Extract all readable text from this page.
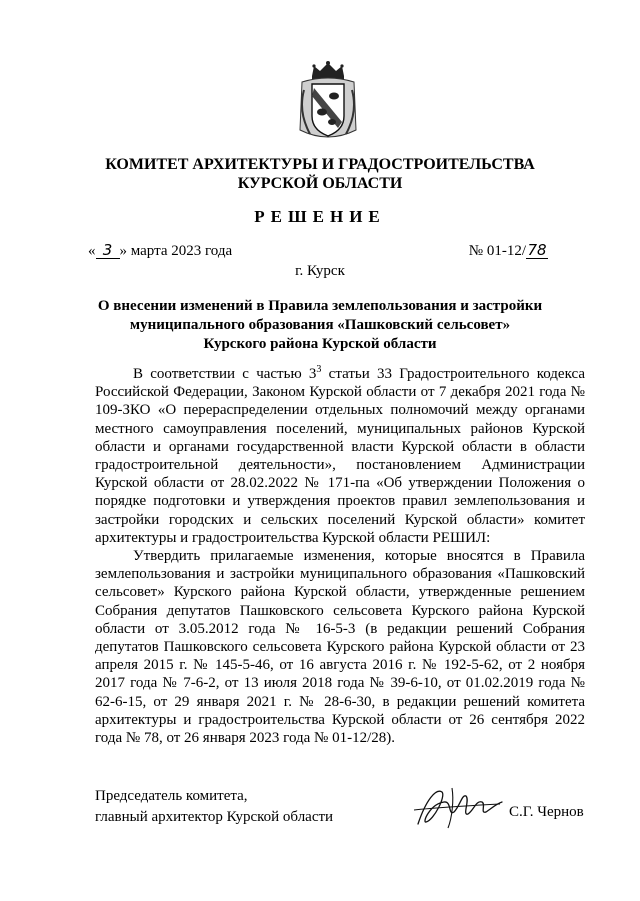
КОМИТЕТ АРХИТЕКТУРЫ И ГРАДОСТРОИТЕЛЬСТВА
КУРСКОЙ ОБЛАСТИ
РЕШЕНИЕ
« 3 » марта 2023 года	№ 01-12/78
г. Курск
О внесении изменений в Правила землепользования и застройки
муниципального образования «Пашковский сельсовет»
Курского района Курской области

В соответствии с частью $3^3$ статьи 33 Градостроительного кодекса Российской Федерации, Законом Курской области от 7 декабря 2021 года № 109-ЗКО «О перераспределении отдельных полномочий между органами местного самоуправления поселений, муниципальных районов Курской области и органами государственной власти Курской области в области градостроительной деятельности», постановлением Администрации Курской области от 28.02.2022 № 171-па «Об утверждении Положения о порядке подготовки и утверждения проектов правил землепользования и застройки городских и сельских поселений Курской области» комитет архитектуры и градостроительства Курской области РЕШИЛ:

Утвердить прилагаемые изменения, которые вносятся в Правила землепользования и застройки муниципального образования «Пашковский сельсовет» Курского района Курской области, утвержденные решением Собрания депутатов Пашковского сельсовета Курского района Курской области от 3.05.2012 года № 16-5-3 (в редакции решений Собрания депутатов Пашковского сельсовета Курского района Курской области от 23 апреля 2015 г. № 145-5-46, от 16 августа 2016 г. № 192-5-62, от 2 ноября 2017 года № 7-6-2, от 13 июля 2018 года № 39-6-10, от 01.02.2019 года № 62-6-15, от 29 января 2021 г. № 28-6-30, в редакции решений комитета архитектуры и градостроительства Курской области от 26 сентября 2022 года № 78, от 26 января 2023 года № 01-12/28).

Председатель комитета,
главный архитектор Курской области	С.Г. Чернов
